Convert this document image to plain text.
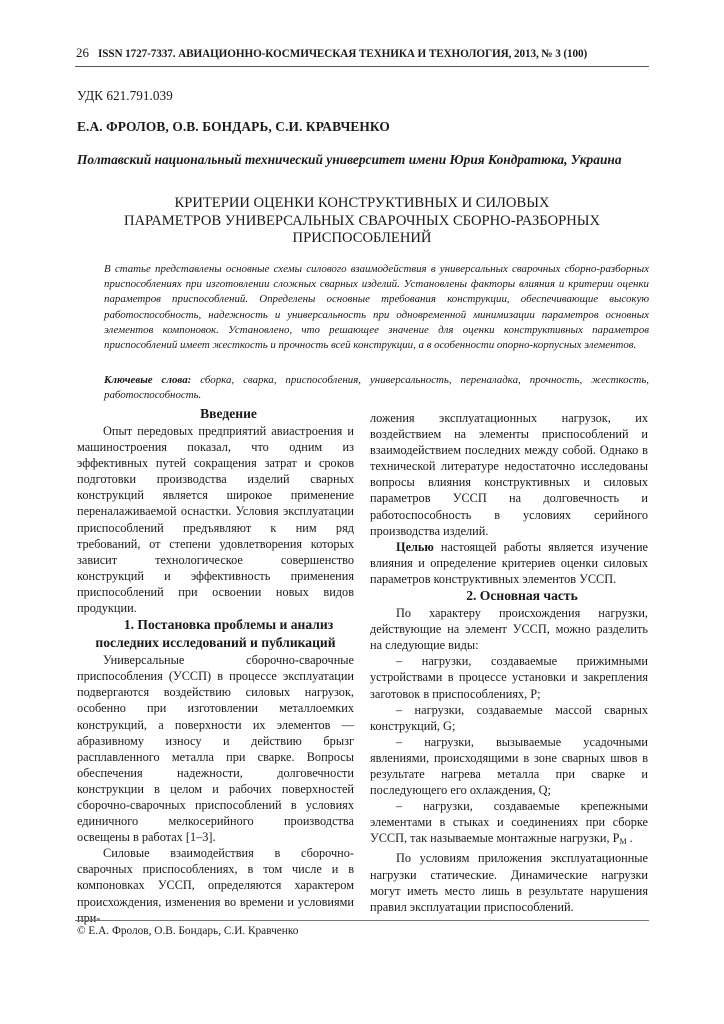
26 ISSN 1727-7337. АВИАЦИОННО-КОСМИЧЕСКАЯ ТЕХНИКА И ТЕХНОЛОГИЯ, 2013, № 3 (100)
УДК 621.791.039
Е.А. ФРОЛОВ, О.В. БОНДАРЬ, С.И. КРАВЧЕНКО
Полтавский национальный технический университет имени Юрия Кондратюка, Украина
КРИТЕРИИ ОЦЕНКИ КОНСТРУКТИВНЫХ И СИЛОВЫХ
ПАРАМЕТРОВ УНИВЕРСАЛЬНЫХ СВАРОЧНЫХ СБОРНО-РАЗБОРНЫХ
ПРИСПОСОБЛЕНИЙ
В статье представлены основные схемы силового взаимодействия в универсальных сварочных сборно-разборных приспособлениях при изготовлении сложных сварных изделий. Установлены факторы влияния и критерии оценки параметров приспособлений. Определены основные требования конструкции, обеспечивающие высокую работоспособность, надежность и универсальность при одновременной минимизации параметров основных элементов компоновок. Установлено, что решающее значение для оценки конструктивных параметров приспособлений имеет жесткость и прочность всей конструкции, а в особенности опорно-корпусных элементов.
Ключевые слова: сборка, сварка, приспособления, универсальность, переналадка, прочность, жесткость, работоспособность.

Введение

Опыт передовых предприятий авиастроения и машиностроения показал, что одним из эффективных путей сокращения затрат и сроков подготовки производства изделий сварных конструкций является широкое применение переналаживаемой оснастки. Условия эксплуатации приспособлений предъявляют к ним ряд требований, от степени удовлетворения которых зависит технологическое совершенство конструкций и эффективность применения приспособлений при освоении новых видов продукции.

1. Постановка проблемы и анализ последних исследований и публикаций

Универсальные сборочно-сварочные приспособления (УССП) в процессе эксплуатации подвергаются воздействию силовых нагрузок, особенно при изготовлении металлоемких конструкций, а поверхности их элементов — абразивному износу и действию брызг расплавленного металла при сварке. Вопросы обеспечения надежности, долговечности конструкции в целом и рабочих поверхностей сборочно-сварочных приспособлений в условиях единичного мелкосерийного производства освещены в работах [1–3].

Силовые взаимодействия в сборочно-сварочных приспособлениях, в том числе и в компоновках УССП, определяются характером происхождения, изменения во времени и условиями при-

ложения эксплуатационных нагрузок, их воздействием на элементы приспособлений и взаимодействием последних между собой. Однако в технической литературе недостаточно исследованы вопросы влияния конструктивных и силовых параметров УССП на долговечность и работоспособность в условиях серийного производства изделий.

Целью настоящей работы является изучение влияния и определение критериев оценки силовых параметров конструктивных элементов УССП.

2. Основная часть

По характеру происхождения нагрузки, действующие на элемент УССП, можно разделить на следующие виды:

– нагрузки, создаваемые прижимными устройствами в процессе установки и закрепления заготовок в приспособлениях, P;

– нагрузки, создаваемые массой сварных конструкций, G;

– нагрузки, вызываемые усадочными явлениями, происходящими в зоне сварных швов в результате нагрева металла при сварке и последующего его охлаждения, Q;

– нагрузки, создаваемые крепежными элементами в стыках и соединениях при сборке УССП, так называемые монтажные нагрузки, $P_М$ .

По условиям приложения эксплуатационные нагрузки статические. Динамические нагрузки могут иметь место лишь в результате нарушения правил эксплуатации приспособлений.

© Е.А. Фролов, О.В. Бондарь, С.И. Кравченко
